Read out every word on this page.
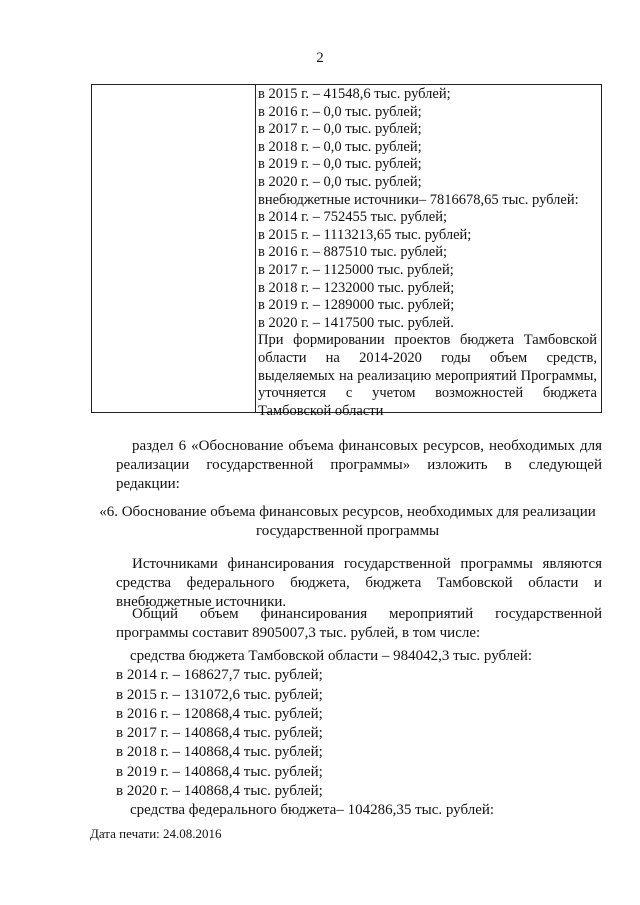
2
в 2015 г. – 41548,6 тыс. рублей;
в 2016 г. – 0,0 тыс. рублей;
в 2017 г. – 0,0 тыс. рублей;
в 2018 г. – 0,0 тыс. рублей;
в 2019 г. – 0,0 тыс. рублей;
в 2020 г. – 0,0 тыс. рублей;
внебюджетные источники– 7816678,65 тыс. рублей:
в 2014 г. – 752455 тыс. рублей;
в 2015 г. – 1113213,65 тыс. рублей;
в 2016 г. – 887510 тыс. рублей;
в 2017 г. – 1125000 тыс. рублей;
в 2018 г. – 1232000 тыс. рублей;
в 2019 г. – 1289000 тыс. рублей;
в 2020 г. – 1417500 тыс. рублей.
При формировании проектов бюджета Тамбовской области на 2014-2020 годы объем средств, выделяемых на реализацию мероприятий Программы, уточняется с учетом возможностей бюджета Тамбовской области
раздел 6 «Обоснование объема финансовых ресурсов, необходимых для реализации государственной программы» изложить в следующей редакции:
«6. Обоснование объема финансовых ресурсов, необходимых для реализации государственной программы
Источниками финансирования государственной программы являются средства федерального бюджета, бюджета Тамбовской области и внебюджетные источники.
Общий объем финансирования мероприятий государственной программы составит 8905007,3 тыс. рублей, в том числе:
средства бюджета Тамбовской области – 984042,3 тыс. рублей:
в 2014 г. – 168627,7 тыс. рублей;
в 2015 г. – 131072,6 тыс. рублей;
в 2016 г. – 120868,4 тыс. рублей;
в 2017 г. – 140868,4 тыс. рублей;
в 2018 г. – 140868,4 тыс. рублей;
в 2019 г. – 140868,4 тыс. рублей;
в 2020 г. – 140868,4 тыс. рублей;
средства федерального бюджета– 104286,35 тыс. рублей:
Дата печати: 24.08.2016
